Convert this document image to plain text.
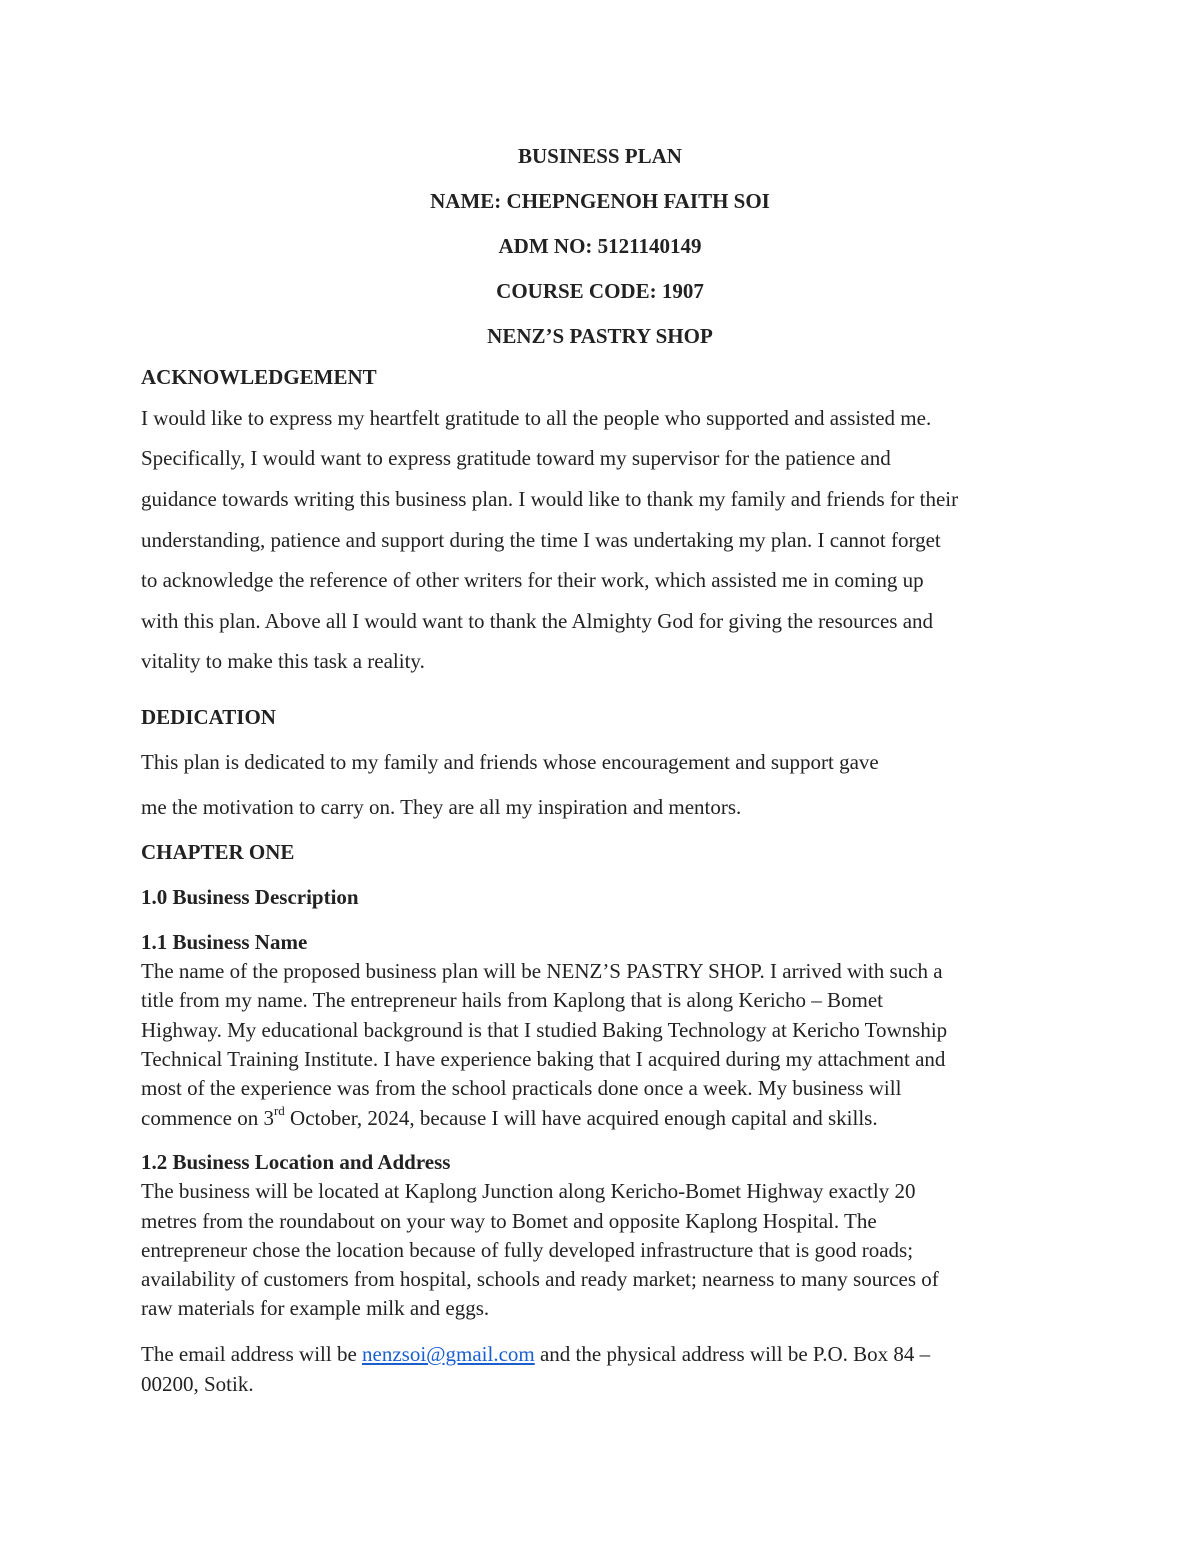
BUSINESS PLAN
NAME: CHEPNGENOH FAITH SOI
ADM NO: 5121140149
COURSE CODE: 1907
NENZ’S PASTRY SHOP
ACKNOWLEDGEMENT
I would like to express my heartfelt gratitude to all the people who supported and assisted me.
Specifically, I would want to express gratitude toward my supervisor for the patience and
guidance towards writing this business plan. I would like to thank my family and friends for their
understanding, patience and support during the time I was undertaking my plan. I cannot forget
to acknowledge the reference of other writers for their work, which assisted me in coming up
with this plan. Above all I would want to thank the Almighty God for giving the resources and
vitality to make this task a reality.
DEDICATION
This plan is dedicated to my family and friends whose encouragement and support gave
me the motivation to carry on. They are all my inspiration and mentors.
CHAPTER ONE
1.0 Business Description
1.1 Business Name
The name of the proposed business plan will be NENZ’S PASTRY SHOP. I arrived with such a
title from my name. The entrepreneur hails from Kaplong that is along Kericho – Bomet
Highway. My educational background is that I studied Baking Technology at Kericho Township
Technical Training Institute. I have experience baking that I acquired during my attachment and
most of the experience was from the school practicals done once a week. My business will
commence on 3rd October, 2024, because I will have acquired enough capital and skills.
1.2 Business Location and Address
The business will be located at Kaplong Junction along Kericho-Bomet Highway exactly 20
metres from the roundabout on your way to Bomet and opposite Kaplong Hospital. The
entrepreneur chose the location because of fully developed infrastructure that is good roads;
availability of customers from hospital, schools and ready market; nearness to many sources of
raw materials for example milk and eggs.
The email address will be nenzsoi@gmail.com and the physical address will be P.O. Box 84 –
00200, Sotik.
